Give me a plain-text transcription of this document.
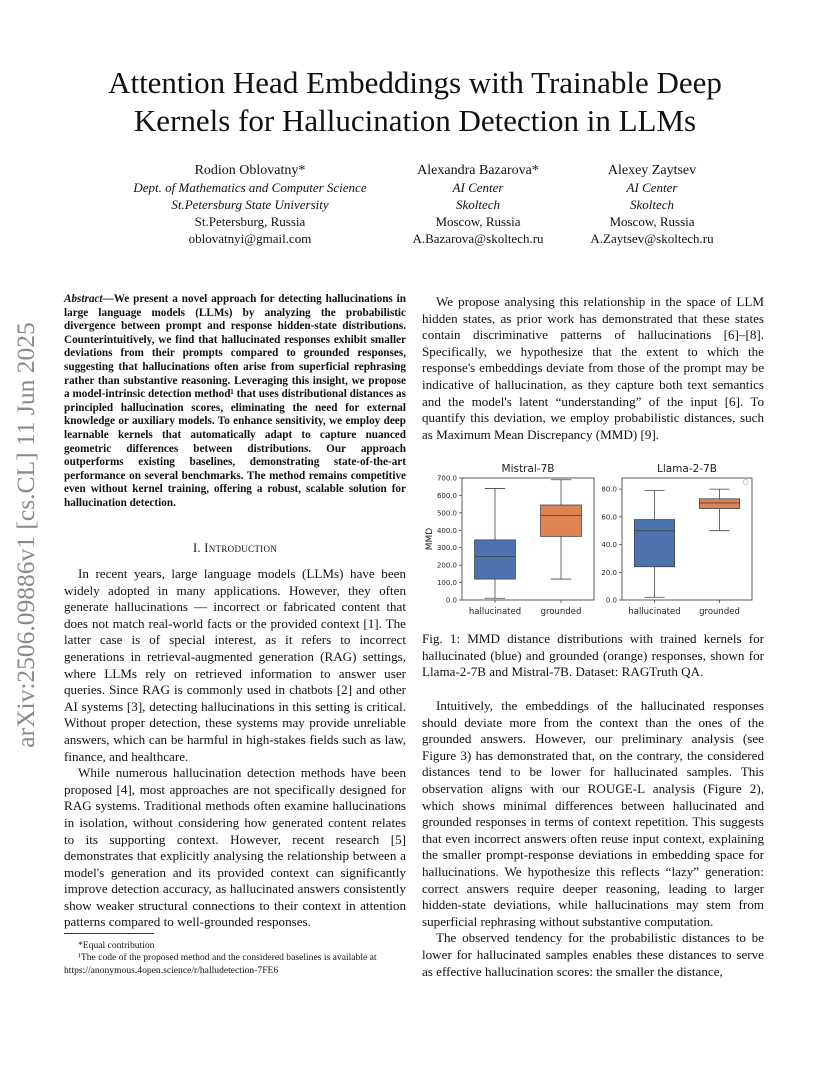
arXiv:2506.09886v1 [cs.CL] 11 Jun 2025
Attention Head Embeddings with Trainable Deep Kernels for Hallucination Detection in LLMs
Rodion Oblovatny*
Dept. of Mathematics and Computer Science
St.Petersburg State University
St.Petersburg, Russia
oblovatnyi@gmail.com
Alexandra Bazarova*
AI Center
Skoltech
Moscow, Russia
A.Bazarova@skoltech.ru
Alexey Zaytsev
AI Center
Skoltech
Moscow, Russia
A.Zaytsev@skoltech.ru
Abstract—We present a novel approach for detecting hallucinations in large language models (LLMs) by analyzing the probabilistic divergence between prompt and response hidden-state distributions. Counterintuitively, we find that hallucinated responses exhibit smaller deviations from their prompts compared to grounded responses, suggesting that hallucinations often arise from superficial rephrasing rather than substantive reasoning. Leveraging this insight, we propose a model-intrinsic detection method¹ that uses distributional distances as principled hallucination scores, eliminating the need for external knowledge or auxiliary models. To enhance sensitivity, we employ deep learnable kernels that automatically adapt to capture nuanced geometric differences between distributions. Our approach outperforms existing baselines, demonstrating state-of-the-art performance on several benchmarks. The method remains competitive even without kernel training, offering a robust, scalable solution for hallucination detection.
I. Introduction

In recent years, large language models (LLMs) have been widely adopted in many applications. However, they often generate hallucinations — incorrect or fabricated content that does not match real-world facts or the provided context [1]. The latter case is of special interest, as it refers to incorrect generations in retrieval-augmented generation (RAG) settings, where LLMs rely on retrieved information to answer user queries. Since RAG is commonly used in chatbots [2] and other AI systems [3], detecting hallucinations in this setting is critical. Without proper detection, these systems may provide unreliable answers, which can be harmful in high-stakes fields such as law, finance, and healthcare.

While numerous hallucination detection methods have been proposed [4], most approaches are not specifically designed for RAG systems. Traditional methods often examine hallucinations in isolation, without considering how generated content relates to its supporting context. However, recent research [5] demonstrates that explicitly analysing the relationship between a model's generation and its provided context can significantly improve detection accuracy, as hallucinated answers consistently show weaker structural connections to their context in attention patterns compared to well-grounded responses.

*Equal contribution

¹The code of the proposed method and the considered baselines is available at https://anonymous.4open.science/r/halludetection-7FE6

We propose analysing this relationship in the space of LLM hidden states, as prior work has demonstrated that these states contain discriminative patterns of hallucinations [6]–[8]. Specifically, we hypothesize that the extent to which the response's embeddings deviate from those of the prompt may be indicative of hallucination, as they capture both text semantics and the model's latent “understanding” of the input [6]. To quantify this deviation, we employ probabilistic distances, such as Maximum Mean Discrepancy (MMD) [9].

Mistral-7B
0.0
100.0
200.0
300.0
400.0
500.0
600.0
700.0
MMD
hallucinated grounded
Llama-2-7B
0.0
20.0
40.0
60.0
80.0
hallucinated grounded
Fig. 1: MMD distance distributions with trained kernels for hallucinated (blue) and grounded (orange) responses, shown for Llama-2-7B and Mistral-7B. Dataset: RAGTruth QA.

Intuitively, the embeddings of the hallucinated responses should deviate more from the context than the ones of the grounded answers. However, our preliminary analysis (see Figure 3) has demonstrated that, on the contrary, the considered distances tend to be lower for hallucinated samples. This observation aligns with our ROUGE-L analysis (Figure 2), which shows minimal differences between hallucinated and grounded responses in terms of context repetition. This suggests that even incorrect answers often reuse input context, explaining the smaller prompt-response deviations in embedding space for hallucinations. We hypothesize this reflects “lazy” generation: correct answers require deeper reasoning, leading to larger hidden-state deviations, while hallucinations may stem from superficial rephrasing without substantive computation.

The observed tendency for the probabilistic distances to be lower for hallucinated samples enables these distances to serve as effective hallucination scores: the smaller the distance,
